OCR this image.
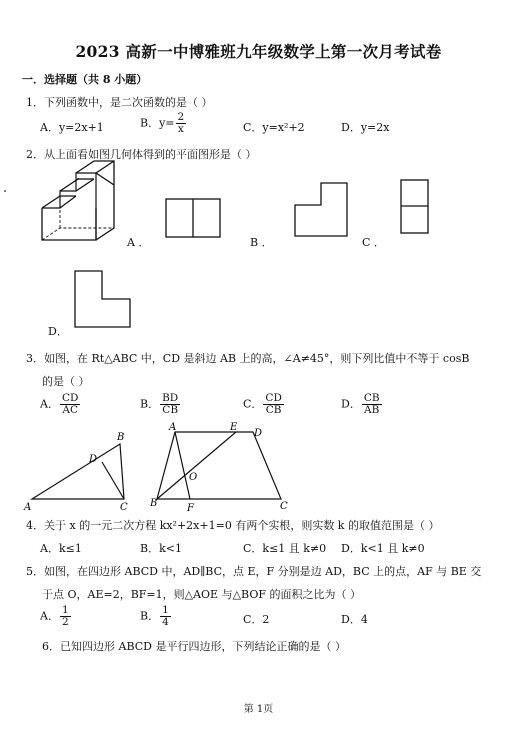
2023 高新一中博雅班九年级数学上第一次月考试卷
一．选择题（共 8 小题）
1．下列函数中，是二次函数的是（ ）
A．y=2x+1	B．$y= \frac{2}{x}$	C．y=x²+2	D．y=2x
2．从上面看如图几何体得到的平面图形是（ ）
A ．	B ．	C ．
D．
3．如图，在 Rt△ABC 中，CD 是斜边 AB 上的高，∠A≠45°，则下列比值中不等于 cosB
的是（ ）
A． $\frac{CD}{AC}$	B． $\frac{BD}{CB}$	C． $\frac{CD}{CB}$	D． $\frac{CB}{AB}$
A
B
C
D
A	E
D
O
B	F	C
4．关于 x 的一元二次方程 kx²+2x+1=0 有两个实根，则实数 k 的取值范围是（ ）
A．k≤1	B．k<1	C．k≤1 且 k≠0 D．k<1 且 k≠0
5．如图，在四边形 ABCD 中，AD∥BC，点 E，F 分别是边 AD，BC 上的点，AF 与 BE 交
于点 O，AE=2，BF=1，则△AOE 与△BOF 的面积之比为（ ）
A． $\frac{1}{2}$	B． $\frac{1}{4}$	C．2	D．4
6．已知四边形 ABCD 是平行四边形，下列结论正确的是（ ）
第 1页
